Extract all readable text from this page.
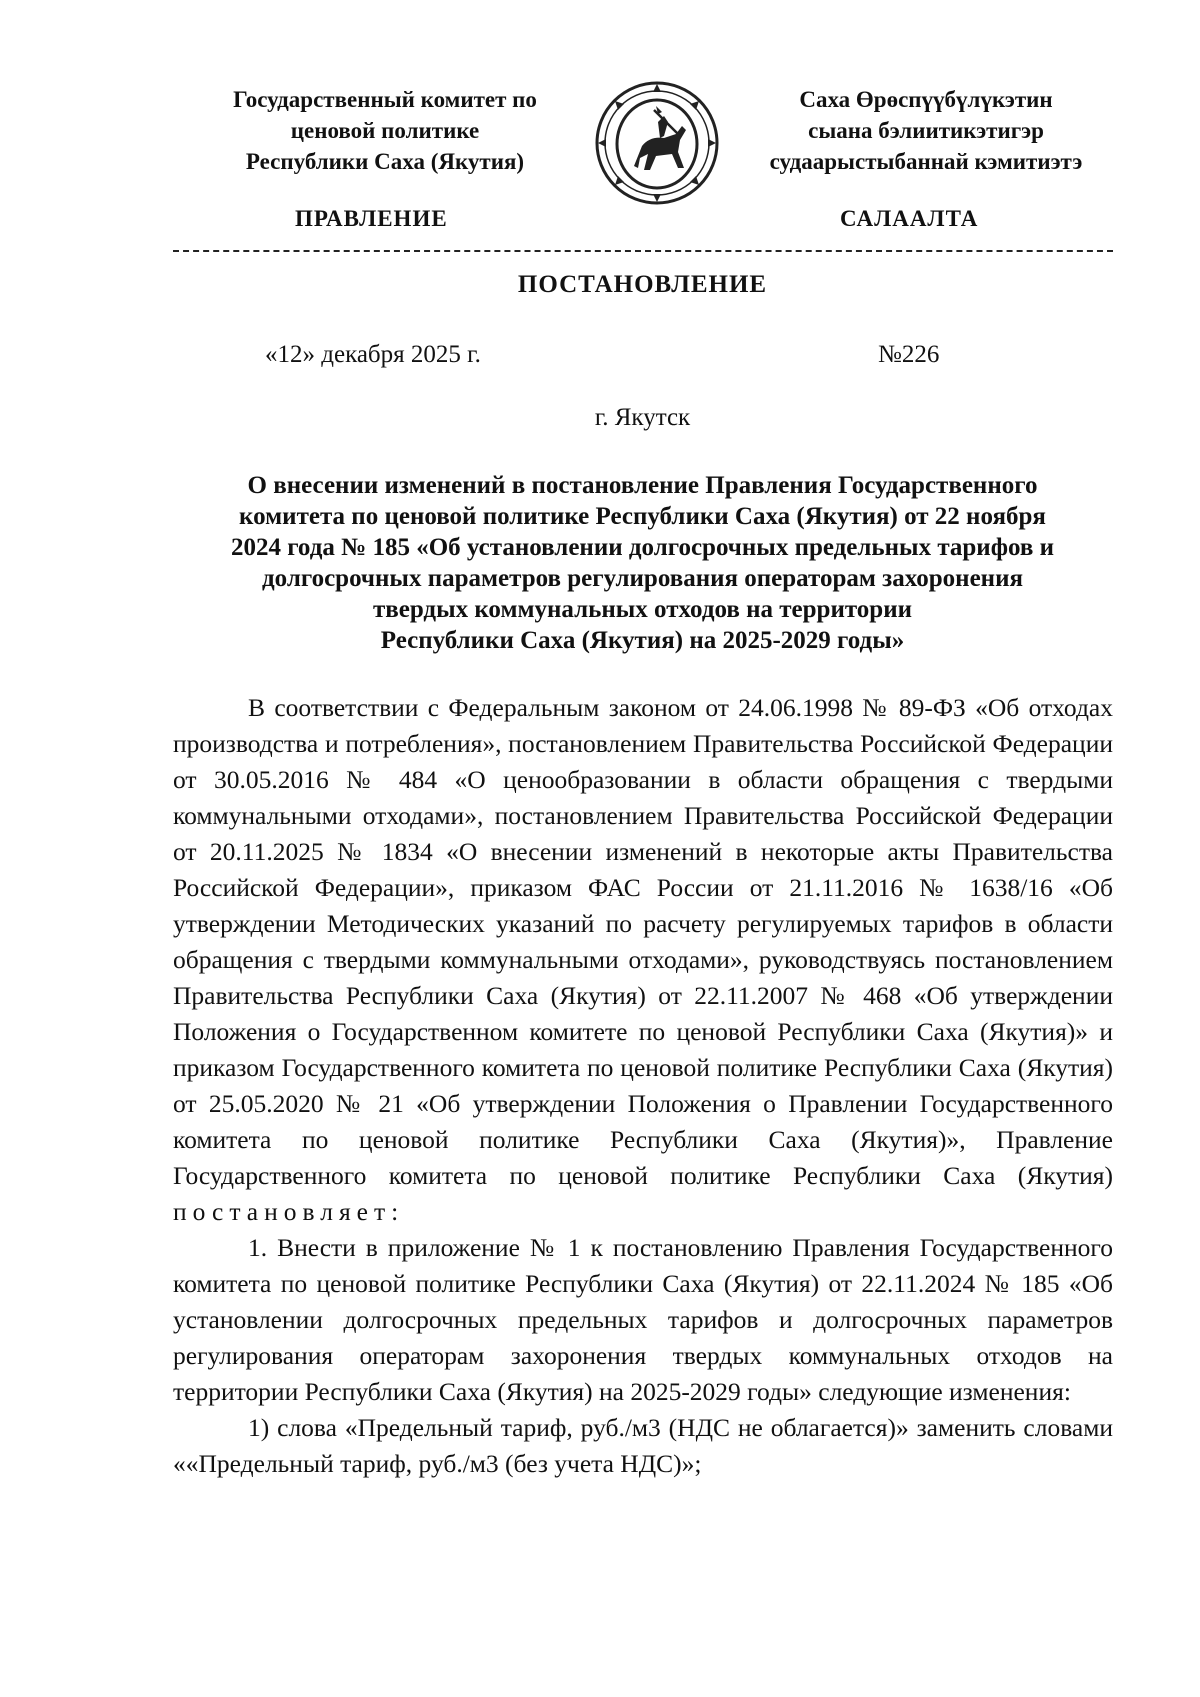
Государственный комитет по
ценовой политике
Республики Саха (Якутия)
Саха Өрөспүүбүлүкэтин
сыана бэлиитикэтигэр
судаарыстыбаннай кэмитиэтэ
ПРАВЛЕНИЕ	САЛААЛТА
ПОСТАНОВЛЕНИЕ
«12» декабря 2025 г.	№226
г. Якутск
О внесении изменений в постановление Правления Государственного
комитета по ценовой политике Республики Саха (Якутия) от 22 ноября
2024 года № 185 «Об установлении долгосрочных предельных тарифов и
долгосрочных параметров регулирования операторам захоронения
твердых коммунальных отходов на территории
Республики Саха (Якутия) на 2025-2029 годы»

В соответствии с Федеральным законом от 24.06.1998 № 89-ФЗ «Об отходах производства и потребления», постановлением Правительства Российской Федерации от 30.05.2016 № 484 «О ценообразовании в области обращения с твердыми коммунальными отходами», постановлением Правительства Российской Федерации от 20.11.2025 № 1834 «О внесении изменений в некоторые акты Правительства Российской Федерации», приказом ФАС России от 21.11.2016 № 1638/16 «Об утверждении Методических указаний по расчету регулируемых тарифов в области обращения с твердыми коммунальными отходами», руководствуясь постановлением Правительства Республики Саха (Якутия) от 22.11.2007 № 468 «Об утверждении Положения о Государственном комитете по ценовой Республики Саха (Якутия)» и приказом Государственного комитета по ценовой политике Республики Саха (Якутия) от 25.05.2020 № 21 «Об утверждении Положения о Правлении Государственного комитета по ценовой политике Республики Саха (Якутия)», Правление Государственного комитета по ценовой политике Республики Саха (Якутия) постановляет:

1. Внести в приложение № 1 к постановлению Правления Государственного комитета по ценовой политике Республики Саха (Якутия) от 22.11.2024 № 185 «Об установлении долгосрочных предельных тарифов и долгосрочных параметров регулирования операторам захоронения твердых коммунальных отходов на территории Республики Саха (Якутия) на 2025-2029 годы» следующие изменения:

1) слова «Предельный тариф, руб./м3 (НДС не облагается)» заменить словами ««Предельный тариф, руб./м3 (без учета НДС)»;
